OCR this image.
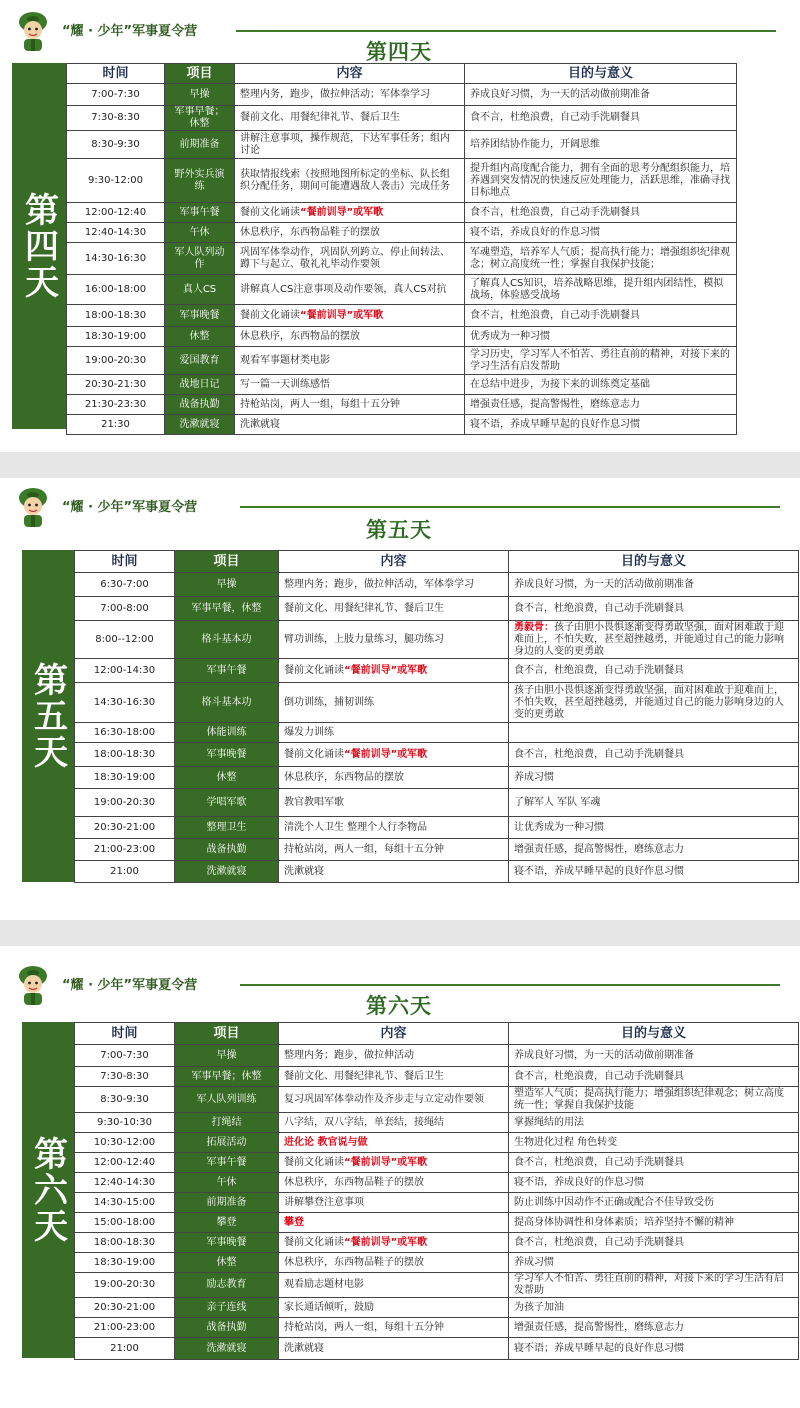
“耀 · 少年”军事夏令营
第四天
第四天
时间	项目	内容	目的与意义
7:00-7:30	早操	整理内务，跑步，做拉伸活动；军体拳学习	养成良好习惯，为一天的活动做前期准备
7:30-8:30	军事早餐；休整	餐前文化、用餐纪律礼节、餐后卫生	食不言，杜绝浪费，自己动手洗刷餐具
8:30-9:30	前期准备	讲解注意事项，操作规范，下达军事任务；组内讨论	培养团结协作能力，开阔思维
9:30-12:00	野外实兵演练	获取情报线索（按照地图所标定的坐标、队长组织分配任务，期间可能遭遇敌人袭击）完成任务	提升组内高度配合能力，拥有全面的思考分配组织能力，培养遇到突发情况的快速反应处理能力，活跃思维，准确寻找目标地点
12:00-12:40	军事午餐	餐前文化诵读“餐前训导”或军歌	食不言，杜绝浪费，自己动手洗刷餐具
12:40-14:30	午休	休息秩序，东西物品鞋子的摆放	寝不语，养成良好的作息习惯
14:30-16:30	军人队列动作	巩固军体拳动作，巩固队列跨立、停止间转法、蹲下与起立、敬礼礼毕动作要领	军魂塑造，培养军人气质；提高执行能力；增强组织纪律观念；树立高度统一性；掌握自我保护技能；
16:00-18:00	真人CS	讲解真人CS注意事项及动作要领，真人CS对抗	了解真人CS知识，培养战略思维，提升组内团结性，模拟战场，体验感受战场
18:00-18:30	军事晚餐	餐前文化诵读“餐前训导”或军歌	食不言，杜绝浪费，自己动手洗刷餐具
18:30-19:00	休整	休息秩序，东西物品的摆放	优秀成为一种习惯
19:00-20:30	爱国教育	观看军事题材类电影	学习历史，学习军人不怕苦、勇往直前的精神，对接下来的学习生活有启发帮助
20:30-21:30	战地日记	写一篇一天训练感悟	在总结中进步，为接下来的训练奠定基础
21:30-23:30	战备执勤	持枪站岗，两人一组，每组十五分钟	增强责任感，提高警惕性，磨练意志力
21:30	洗漱就寝	洗漱就寝	寝不语，养成早睡早起的良好作息习惯
“耀 · 少年”军事夏令营
第五天
第五天
时间	项目	内容	目的与意义
6:30-7:00	早操	整理内务；跑步，做拉伸活动，军体拳学习	养成良好习惯，为一天的活动做前期准备
7:00-8:00	军事早餐，休整	餐前文化、用餐纪律礼节、餐后卫生	食不言，杜绝浪费，自己动手洗刷餐具
8:00--12:00	格斗基本功	臂功训练，上肢力量练习，腿功练习	勇毅骨：孩子由胆小畏惧逐渐变得勇敢坚强，面对困难敢于迎难而上，不怕失败，甚至超挫越勇，并能通过自己的能力影响身边的人变的更勇敢
12:00-14:30	军事午餐	餐前文化诵读“餐前训导”或军歌	食不言，杜绝浪费，自己动手洗刷餐具
14:30-16:30	格斗基本功	倒功训练，捕韧训练	孩子由胆小畏惧逐渐变得勇敢坚强，面对困难敢于迎难而上，不怕失败，甚至超挫越勇，并能通过自己的能力影响身边的人变的更勇敢
16:30-18:00	体能训练	爆发力训练	
18:00-18:30	军事晚餐	餐前文化诵读“餐前训导”或军歌	食不言，杜绝浪费，自己动手洗刷餐具
18:30-19:00	休整	休息秩序，东西物品的摆放	养成习惯
19:00-20:30	学唱军歌	教官教唱军歌	了解军人 军队 军魂
20:30-21:00	整理卫生	清洗个人卫生 整理个人行李物品	让优秀成为一种习惯
21:00-23:00	战备执勤	持枪站岗，两人一组，每组十五分钟	增强责任感，提高警惕性，磨练意志力
21:00	洗漱就寝	洗漱就寝	寝不语，养成早睡早起的良好作息习惯
“耀 · 少年”军事夏令营
第六天
第六天
时间	项目	内容	目的与意义
7:00-7:30	早操	整理内务；跑步，做拉伸活动	养成良好习惯，为一天的活动做前期准备
7:30-8:30	军事早餐；休整	餐前文化、用餐纪律礼节、餐后卫生	食不言，杜绝浪费，自己动手洗刷餐具
8:30-9:30	军人队列训练	复习巩固军体拳动作及齐步走与立定动作要领	塑造军人气质；提高执行能力；增强组织纪律观念；树立高度统一性；掌握自我保护技能
9:30-10:30	打绳结	八字结，双八字结，单套结，接绳结	掌握绳结的用法
10:30-12:00	拓展活动	进化论 教官说与做	生物进化过程 角色转变
12:00-12:40	军事午餐	餐前文化诵读“餐前训导”或军歌	食不言，杜绝浪费，自己动手洗刷餐具
12:40-14:30	午休	休息秩序，东西物品鞋子的摆放	寝不语，养成良好的作息习惯
14:30-15:00	前期准备	讲解攀登注意事项	防止训练中因动作不正确或配合不佳导致受伤
15:00-18:00	攀登	攀登	提高身体协调性和身体素质；培养坚持不懈的精神
18:00-18:30	军事晚餐	餐前文化诵读“餐前训导”或军歌	食不言，杜绝浪费，自己动手洗刷餐具
18:30-19:00	休整	休息秩序，东西物品鞋子的摆放	养成习惯
19:00-20:30	励志教育	观看励志题材电影	学习军人不怕苦、勇往直前的精神，对接下来的学习生活有启发帮助
20:30-21:00	亲子连线	家长通话倾听，鼓励	为孩子加油
21:00-23:00	战备执勤	持枪站岗，两人一组，每组十五分钟	增强责任感，提高警惕性，磨练意志力
21:00	洗漱就寝	洗漱就寝	寝不语；养成早睡早起的良好作息习惯
